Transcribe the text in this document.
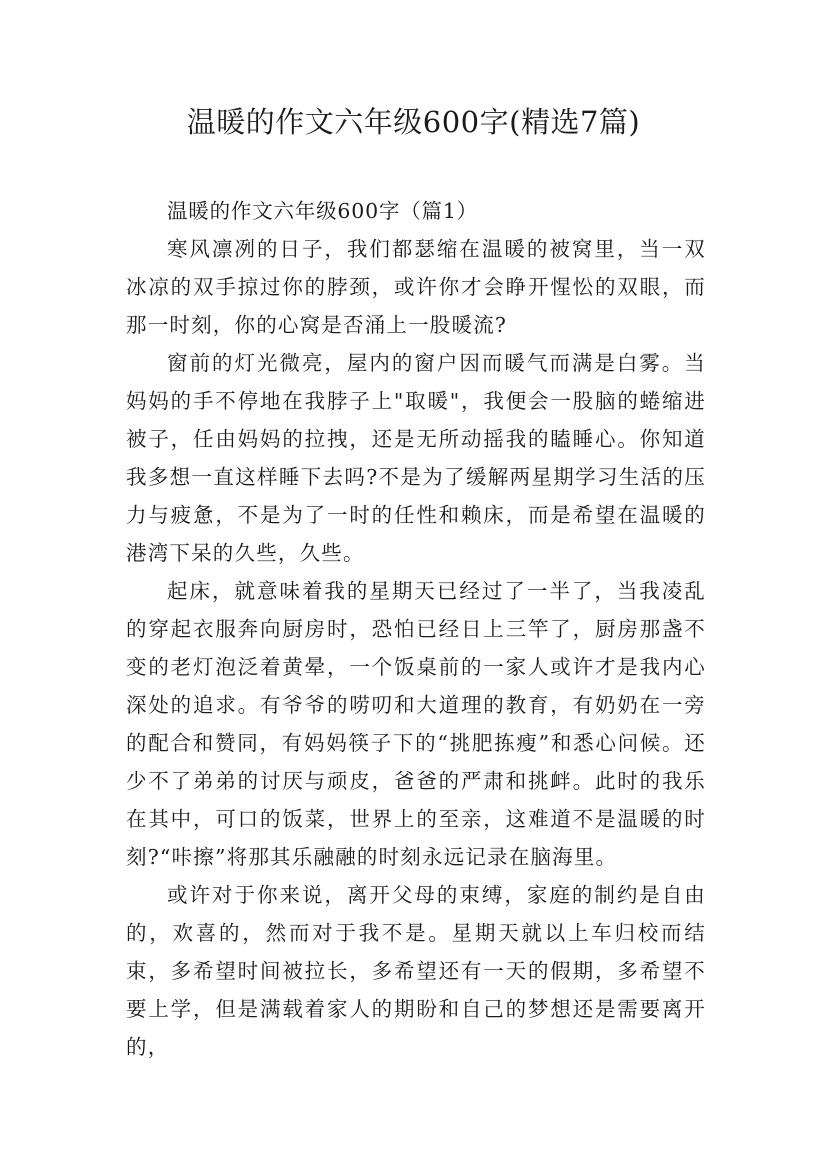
温暖的作文六年级600字(精选7篇)

温暖的作文六年级600字（篇1）

寒风凛冽的日子，我们都瑟缩在温暖的被窝里，当一双冰凉的双手掠过你的脖颈，或许你才会睁开惺忪的双眼，而那一时刻，你的心窝是否涌上一股暖流?

窗前的灯光微亮，屋内的窗户因而暖气而满是白雾。当妈妈的手不停地在我脖子上"取暖"，我便会一股脑的蜷缩进被子，任由妈妈的拉拽，还是无所动摇我的瞌睡心。你知道我多想一直这样睡下去吗?不是为了缓解两星期学习生活的压力与疲惫，不是为了一时的任性和赖床，而是希望在温暖的港湾下呆的久些，久些。

起床，就意味着我的星期天已经过了一半了，当我凌乱的穿起衣服奔向厨房时，恐怕已经日上三竿了，厨房那盏不变的老灯泡泛着黄晕，一个饭桌前的一家人或许才是我内心深处的追求。有爷爷的唠叨和大道理的教育，有奶奶在一旁的配合和赞同，有妈妈筷子下的“挑肥拣瘦”和悉心问候。还少不了弟弟的讨厌与顽皮，爸爸的严肃和挑衅。此时的我乐在其中，可口的饭菜，世界上的至亲，这难道不是温暖的时刻?“咔擦”将那其乐融融的时刻永远记录在脑海里。

或许对于你来说，离开父母的束缚，家庭的制约是自由的，欢喜的，然而对于我不是。星期天就以上车归校而结束，多希望时间被拉长，多希望还有一天的假期，多希望不要上学，但是满载着家人的期盼和自己的梦想还是需要离开的，
